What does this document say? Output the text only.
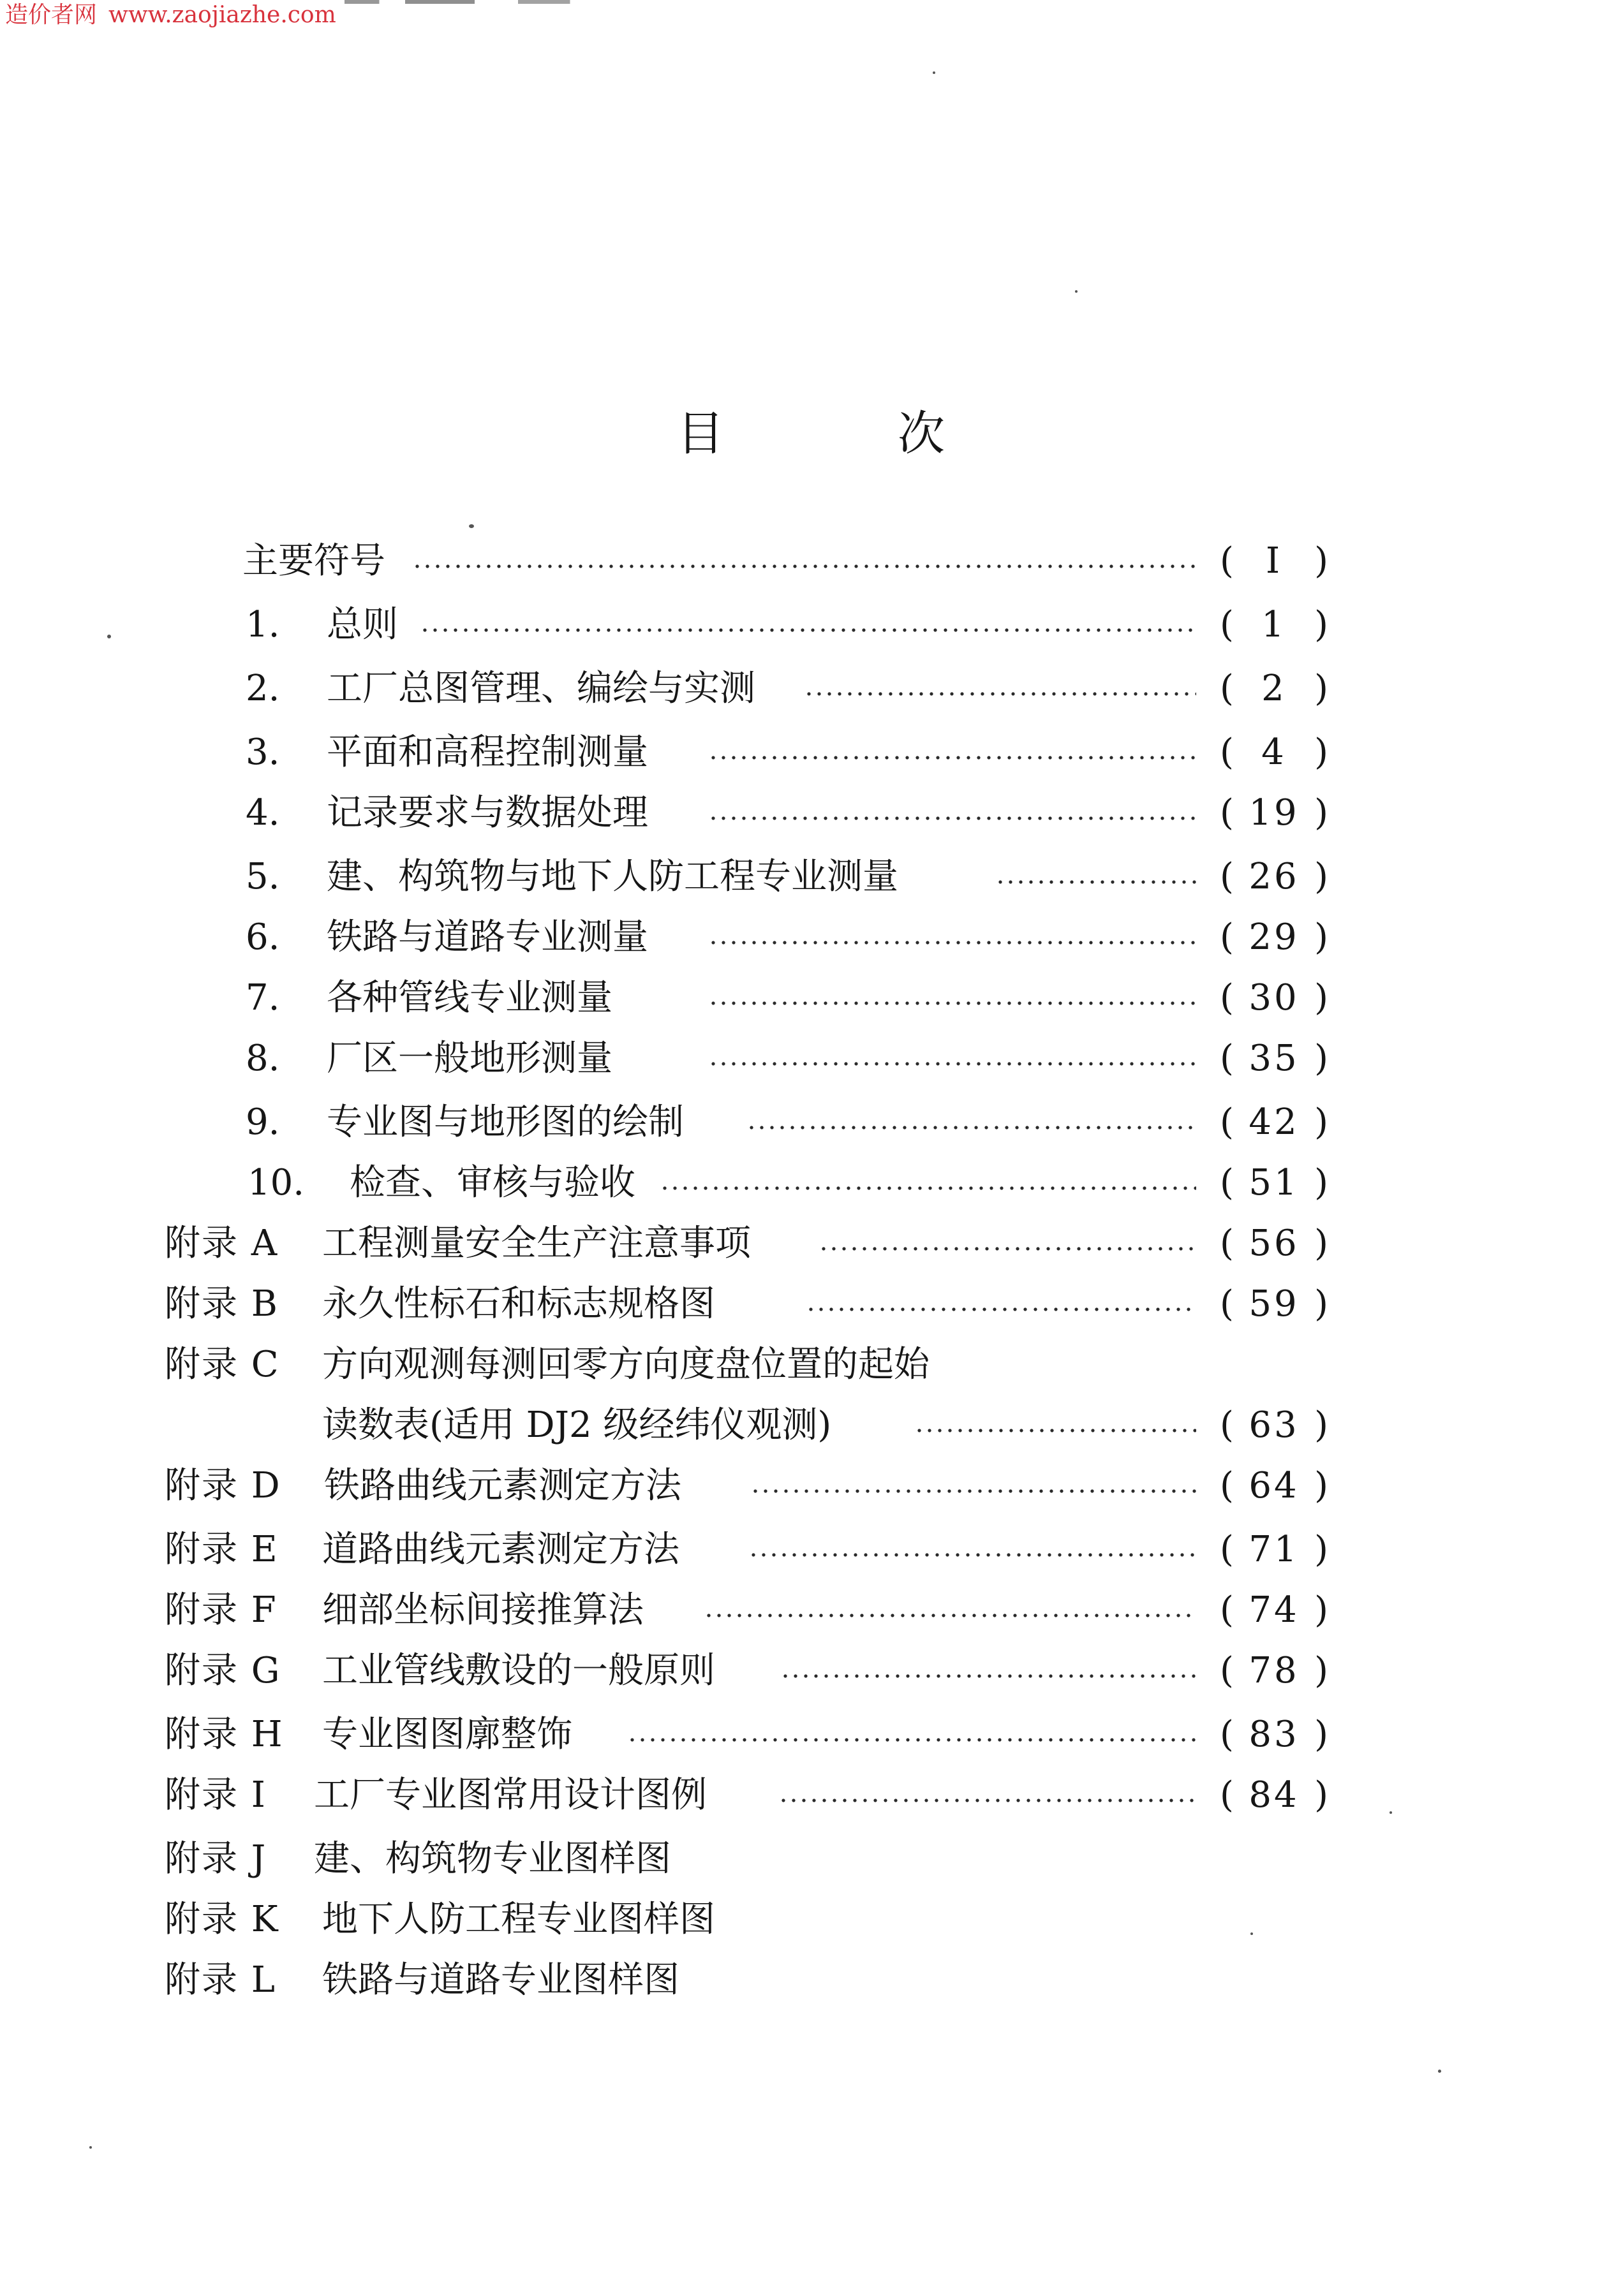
造价者网 www.zaojiazhe.com
目	次
主要符号	( I )
1. 总则	( 1 )
2. 工厂总图管理、编绘与实测	( 2 )
3. 平面和高程控制测量	( 4 )
4. 记录要求与数据处理	( 19 )
5. 建、构筑物与地下人防工程专业测量	( 26 )
6. 铁路与道路专业测量	( 29 )
7. 各种管线专业测量	( 30 )
8. 厂区一般地形测量	( 35 )
9. 专业图与地形图的绘制	( 42 )
10. 检查、审核与验收	( 51 )
附录 A 工程测量安全生产注意事项	( 56 )
附录 B 永久性标石和标志规格图	( 59 )
附录 C 方向观测每测回零方向度盘位置的起始
读数表(适用 DJ2 级经纬仪观测)	( 63 )
附录 D 铁路曲线元素测定方法	( 64 )
附录 E 道路曲线元素测定方法	( 71 )
附录 F 细部坐标间接推算法	( 74 )
附录 G 工业管线敷设的一般原则	( 78 )
附录 H 专业图图廓整饰	( 83 )
附录 I 工厂专业图常用设计图例	( 84 )
附录 J 建、构筑物专业图样图
附录 K 地下人防工程专业图样图
附录 L 铁路与道路专业图样图
